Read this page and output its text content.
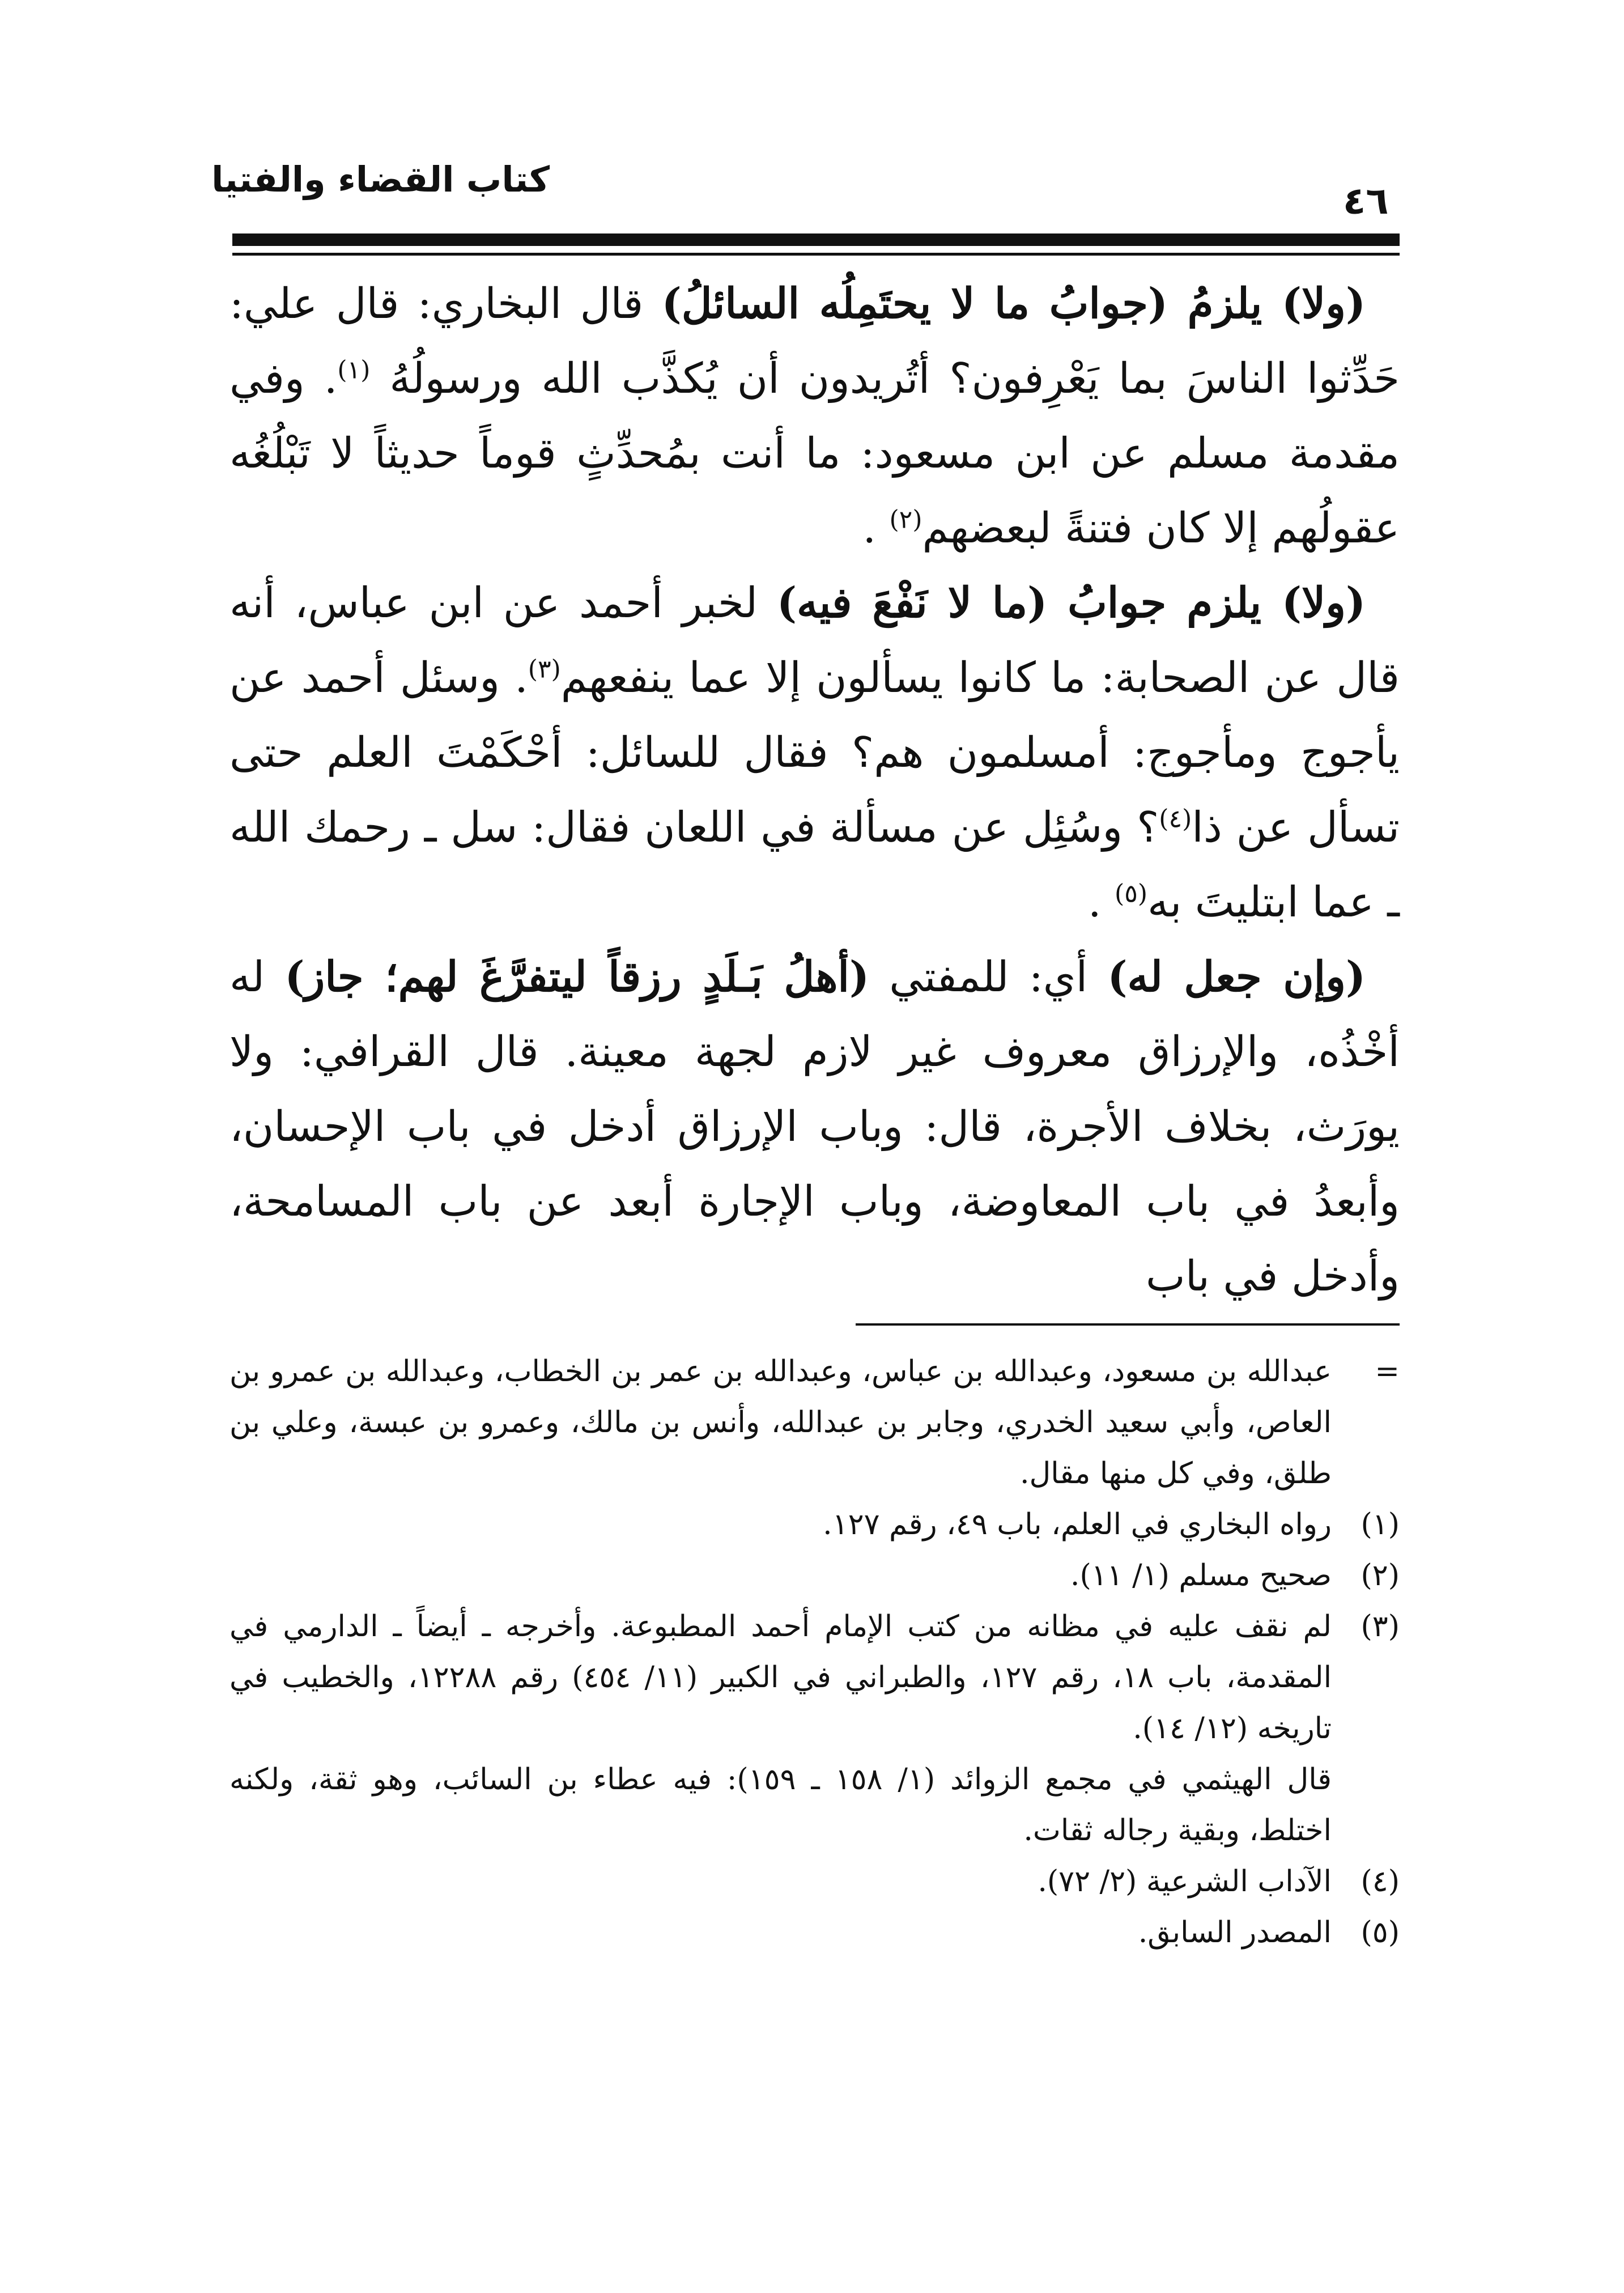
كتاب القضاء والفتيا	٤٦

(ولا) يلزمُ (جوابُ ما لا يحتَمِلُه السائلُ) قال البخاري: قال علي: حَدِّثوا الناسَ بما يَعْرِفون؟ أتُريدون أن يُكذَّب الله ورسولُهُ $^{(١)}$. وفي مقدمة مسلم عن ابن مسعود: ما أنت بمُحدِّثٍ قوماً حديثاً لا تَبْلُغُه عقولُهم إلا كان فتنةً لبعضهم$^{(٢)}$ .

(ولا) يلزم جوابُ (ما لا نَفْعَ فيه) لخبر أحمد عن ابن عباس، أنه قال عن الصحابة: ما كانوا يسألون إلا عما ينفعهم$^{(٣)}$. وسئل أحمد عن يأجوج ومأجوج: أمسلمون هم؟ فقال للسائل: أحْكَمْتَ العلم حتى تسأل عن ذا$^{(٤)}$؟ وسُئِل عن مسألة في اللعان فقال: سل ـ رحمك الله ـ عما ابتليتَ به$^{(٥)}$ .

(وإن جعل له) أي: للمفتي (أهلُ بَـلَدٍ رزقاً ليتفرَّغَ لهم؛ جاز) له أخْذُه، والإرزاق معروف غير لازم لجهة معينة. قال القرافي: ولا يورَث، بخلاف الأجرة، قال: وباب الإرزاق أدخل في باب الإحسان، وأبعدُ في باب المعاوضة، وباب الإجارة أبعد عن باب المسامحة، وأدخل في باب

=
عبدالله بن مسعود، وعبدالله بن عباس، وعبدالله بن عمر بن الخطاب، وعبدالله بن عمرو بن العاص، وأبي سعيد الخدري، وجابر بن عبدالله، وأنس بن مالك، وعمرو بن عبسة، وعلي بن طلق، وفي كل منها مقال.

(١)
رواه البخاري في العلم، باب ٤٩، رقم ١٢٧.

(٢)
صحيح مسلم (١/ ١١).

(٣)
لم نقف عليه في مظانه من كتب الإمام أحمد المطبوعة. وأخرجه ـ أيضاً ـ الدارمي في المقدمة، باب ١٨، رقم ١٢٧، والطبراني في الكبير (١١/ ٤٥٤) رقم ١٢٢٨٨، والخطيب في تاريخه (١٢/ ١٤).

قال الهيثمي في مجمع الزوائد (١/ ١٥٨ ـ ١٥٩): فيه عطاء بن السائب، وهو ثقة، ولكنه اختلط، وبقية رجاله ثقات.

(٤)
الآداب الشرعية (٢/ ٧٢).

(٥)
المصدر السابق.
